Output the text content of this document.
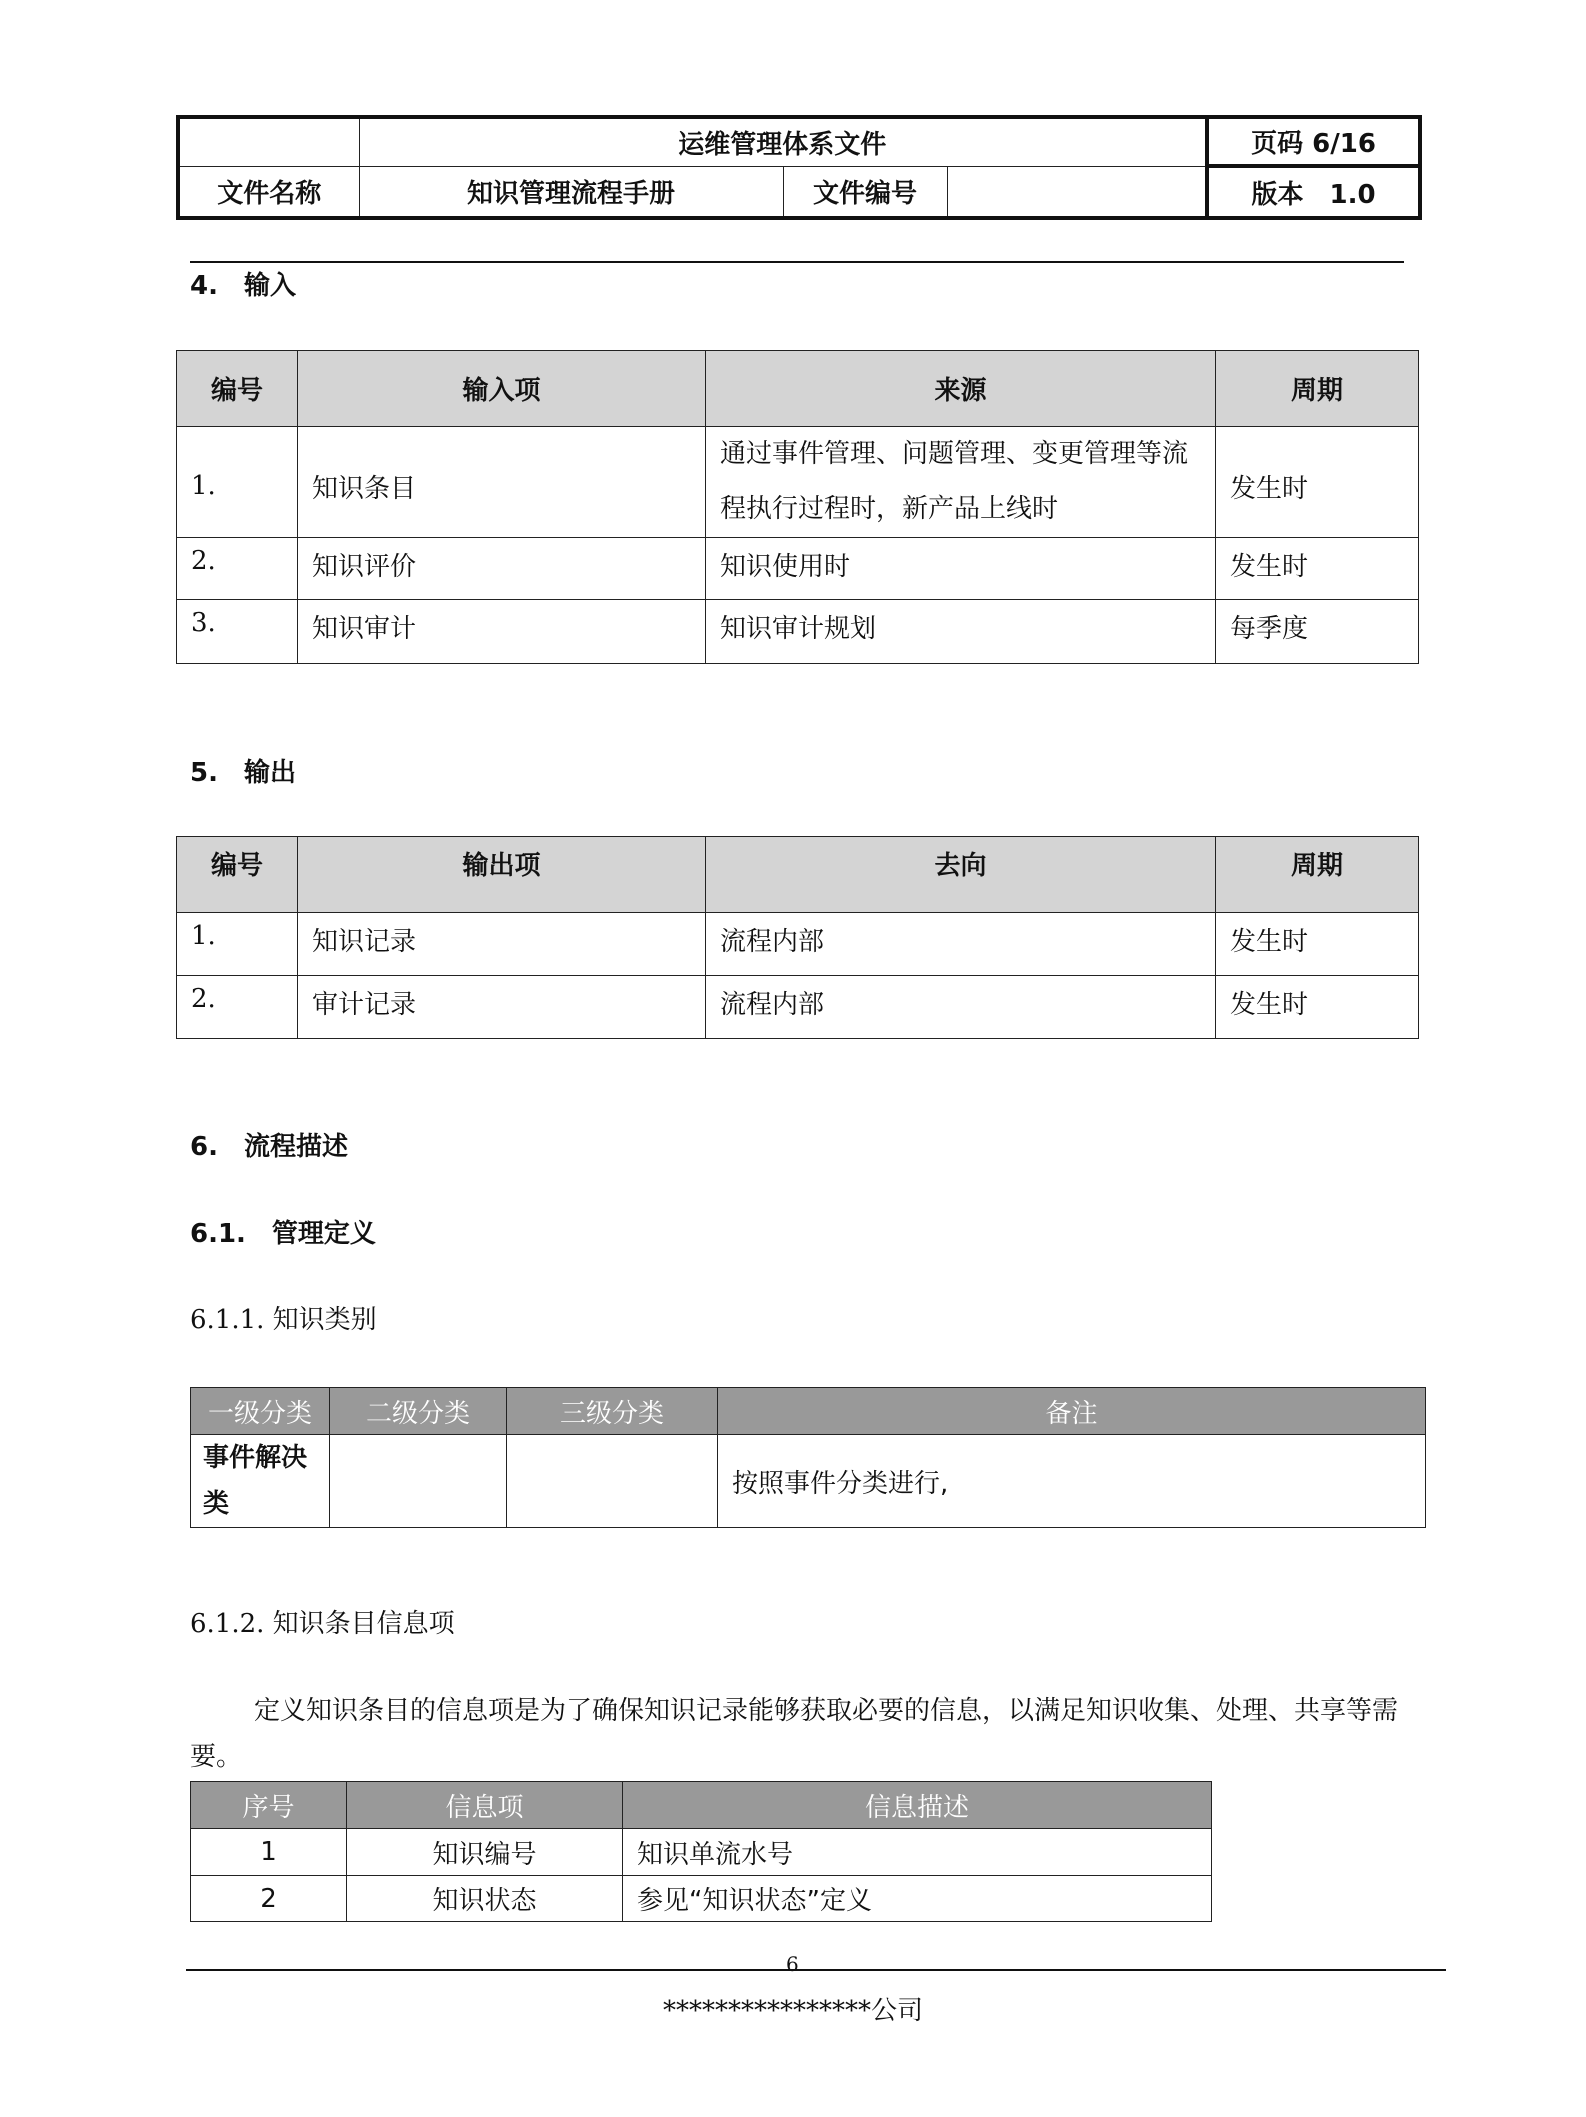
	运维管理体系文件			页码 6/16
文件名称	知识管理流程手册	文件编号		版本　1.0
4.　输入
编号	输入项	来源	周期
1.	知识条目	通过事件管理、问题管理、变更管理等流程执行过程时，新产品上线时	发生时
2.	知识评价	知识使用时	发生时
3.	知识审计	知识审计规划	每季度
5.　输出
编号	输出项	去向	周期
1.	知识记录	流程内部	发生时
2.	审计记录	流程内部	发生时
6.　流程描述
6.1.　管理定义
6.1.1. 知识类别
一级分类	二级分类	三级分类	备注
事件解决类			按照事件分类进行,
6.1.2. 知识条目信息项
定义知识条目的信息项是为了确保知识记录能够获取必要的信息，以满足知识收集、处理、共享等需要。
序号	信息项	信息描述
1	知识编号	知识单流水号
2	知识状态	参见“知识状态”定义
6
****************公司
